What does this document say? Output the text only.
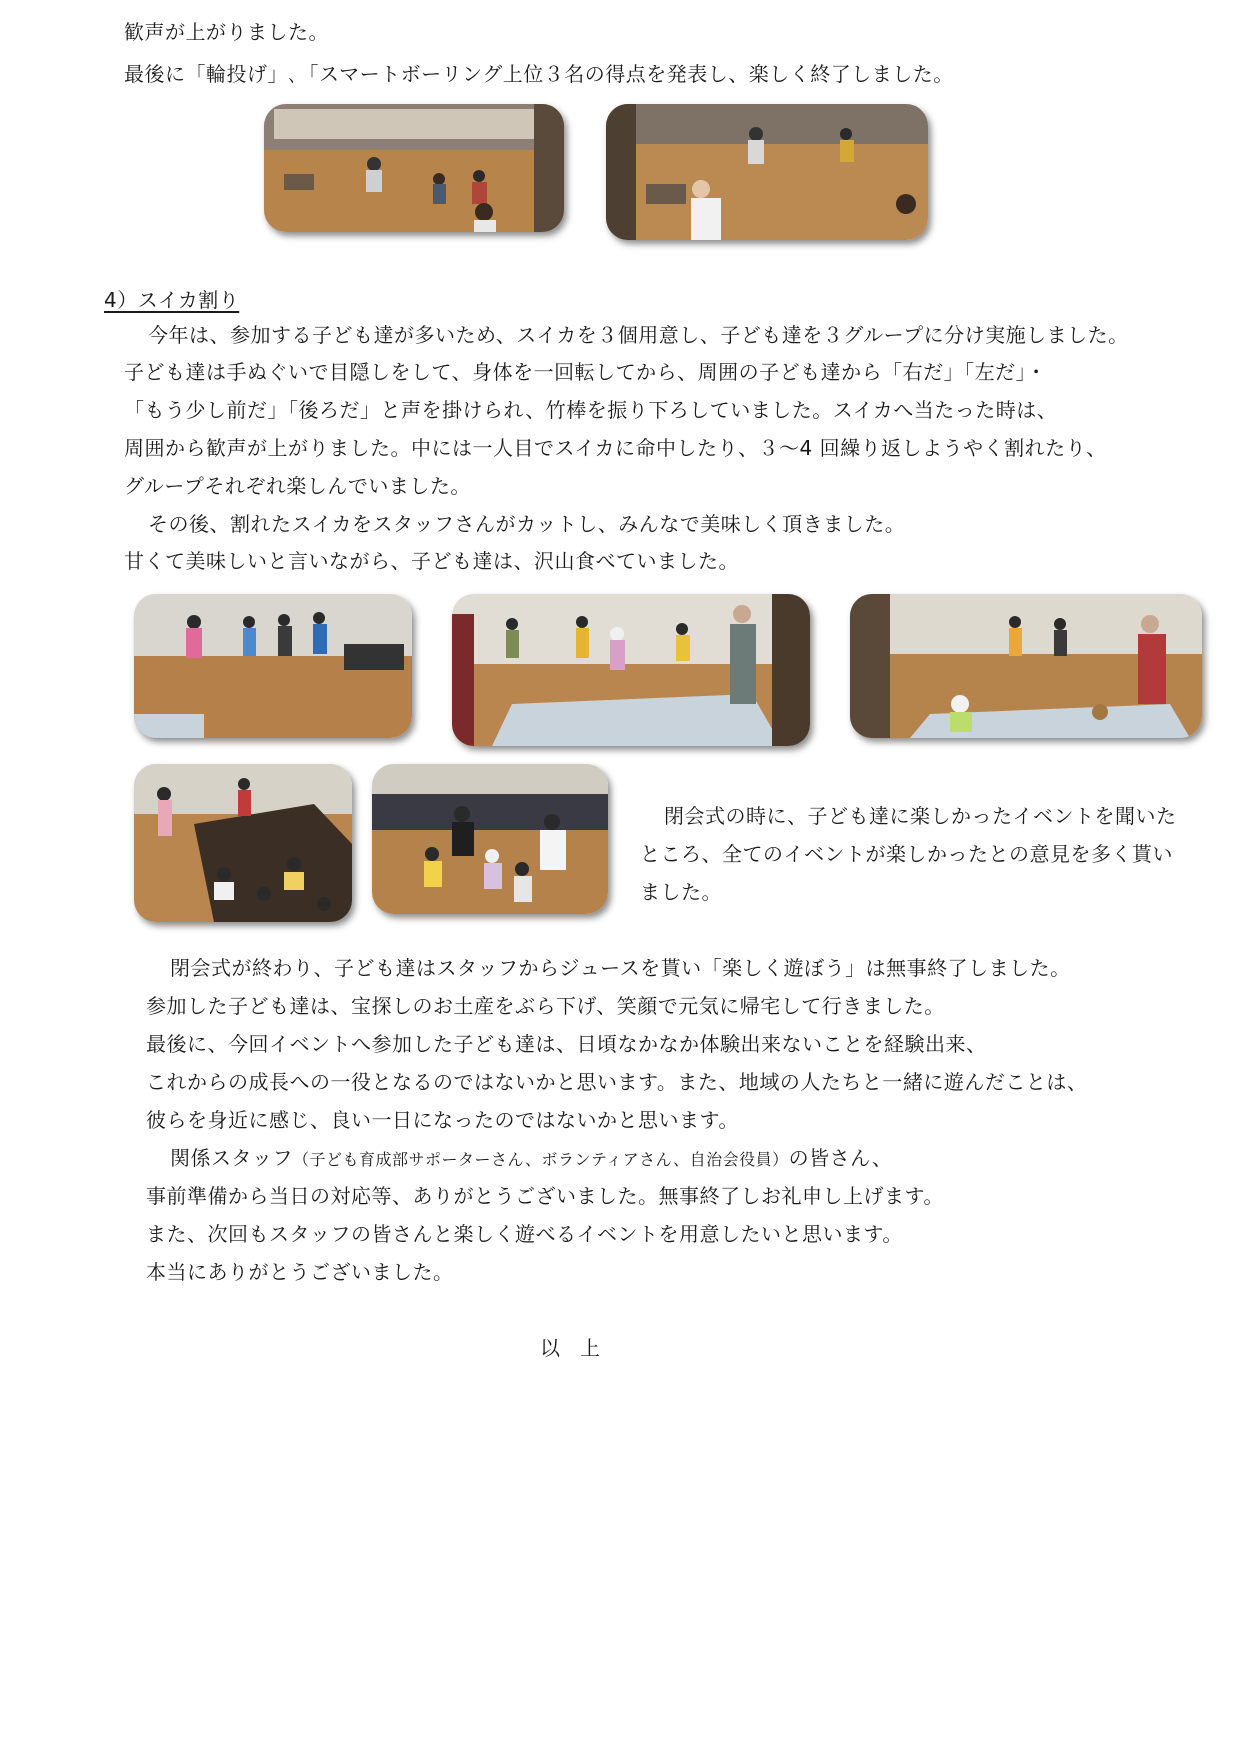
歓声が上がりました。
最後に「輪投げ」､「スマートボーリング上位３名の得点を発表し、楽しく終了しました。
4）スイカ割り
今年は、参加する子ども達が多いため、スイカを３個用意し、子ども達を３グループに分け実施しました。
子ども達は手ぬぐいで目隠しをして、身体を一回転してから、周囲の子ども達から「右だ」「左だ」・
「もう少し前だ」「後ろだ」と声を掛けられ、竹棒を振り下ろしていました。スイカへ当たった時は、
周囲から歓声が上がりました。中には一人目でスイカに命中したり、３～4 回繰り返しようやく割れたり、
グループそれぞれ楽しんでいました。
その後、割れたスイカをスタッフさんがカットし、みんなで美味しく頂きました。
甘くて美味しいと言いながら、子ども達は、沢山食べていました。
閉会式の時に、子ども達に楽しかったイベントを聞いた
ところ、全てのイベントが楽しかったとの意見を多く貰い
ました。
閉会式が終わり、子ども達はスタッフからジュースを貰い「楽しく遊ぼう」は無事終了しました。
参加した子ども達は、宝探しのお土産をぶら下げ、笑顔で元気に帰宅して行きました。
最後に、今回イベントへ参加した子ども達は、日頃なかなか体験出来ないことを経験出来、
これからの成長への一役となるのではないかと思います。また、地域の人たちと一緒に遊んだことは、
彼らを身近に感じ、良い一日になったのではないかと思います。
関係スタッフ（子ども育成部サポーターさん、ボランティアさん、自治会役員）の皆さん、
事前準備から当日の対応等、ありがとうございました。無事終了しお礼申し上げます。
また、次回もスタッフの皆さんと楽しく遊べるイベントを用意したいと思います。
本当にありがとうございました。
以　上
